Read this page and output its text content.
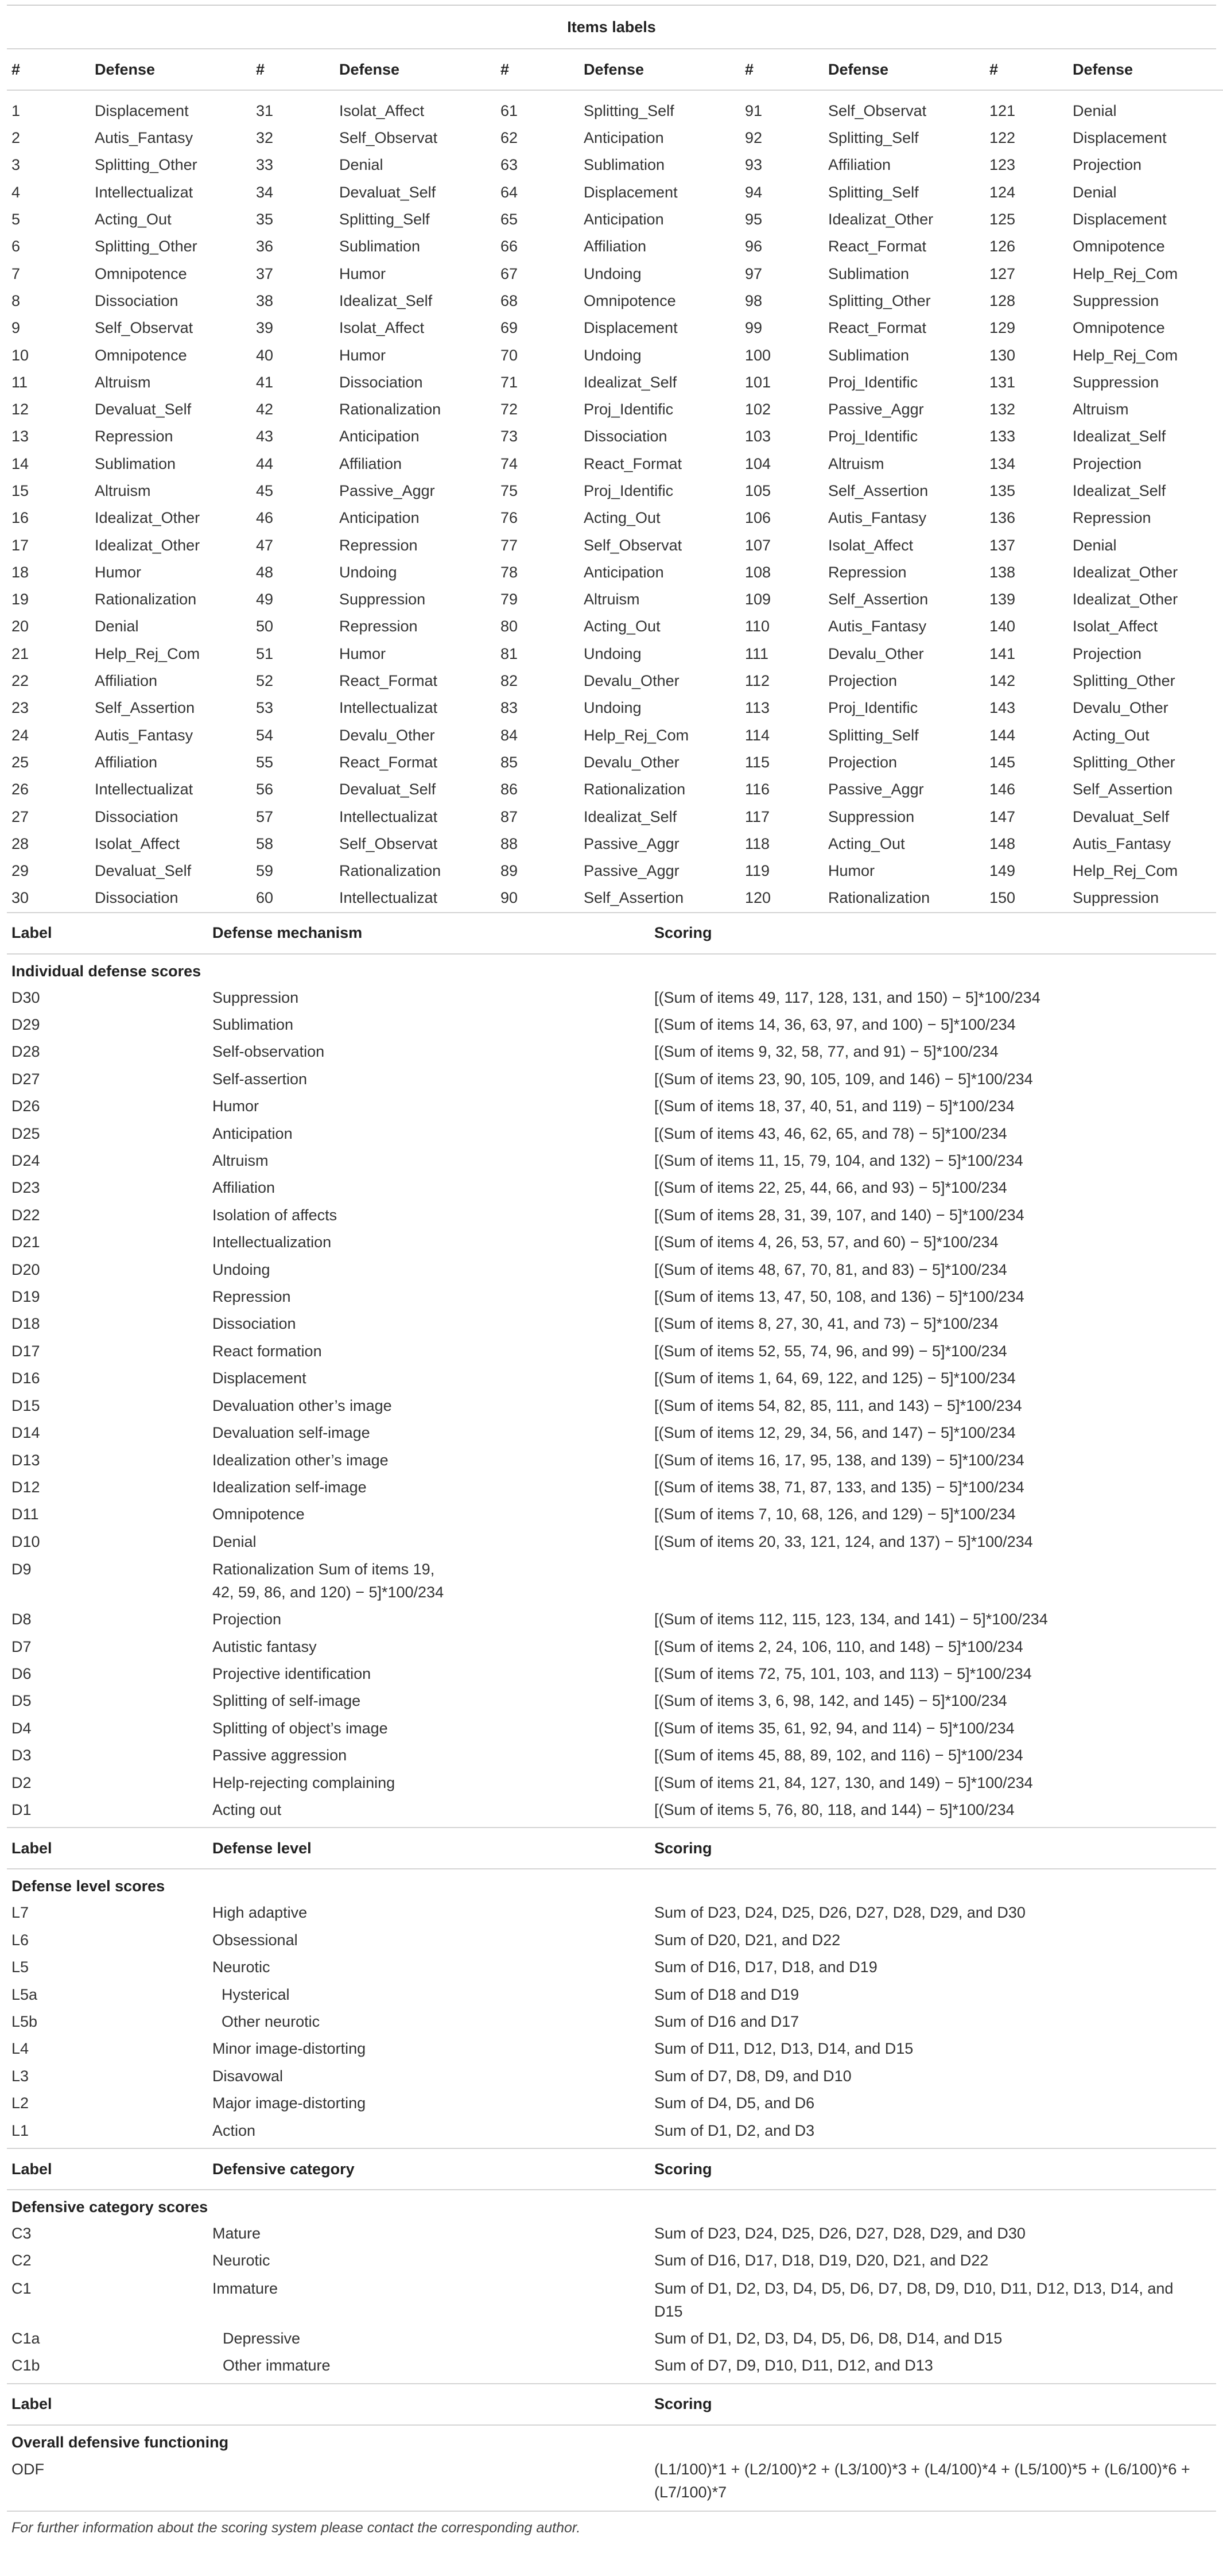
Items labels
#	Defense	#	Defense	#	Defense	#	Defense	#	Defense
1	Displacement	31	Isolat_Affect	61	Splitting_Self	91	Self_Observat	121	Denial
2	Autis_Fantasy	32	Self_Observat	62	Anticipation	92	Splitting_Self	122	Displacement
3	Splitting_Other	33	Denial	63	Sublimation	93	Affiliation	123	Projection
4	Intellectualizat	34	Devaluat_Self	64	Displacement	94	Splitting_Self	124	Denial
5	Acting_Out	35	Splitting_Self	65	Anticipation	95	Idealizat_Other	125	Displacement
6	Splitting_Other	36	Sublimation	66	Affiliation	96	React_Format	126	Omnipotence
7	Omnipotence	37	Humor	67	Undoing	97	Sublimation	127	Help_Rej_Com
8	Dissociation	38	Idealizat_Self	68	Omnipotence	98	Splitting_Other	128	Suppression
9	Self_Observat	39	Isolat_Affect	69	Displacement	99	React_Format	129	Omnipotence
10	Omnipotence	40	Humor	70	Undoing	100	Sublimation	130	Help_Rej_Com
11	Altruism	41	Dissociation	71	Idealizat_Self	101	Proj_Identific	131	Suppression
12	Devaluat_Self	42	Rationalization	72	Proj_Identific	102	Passive_Aggr	132	Altruism
13	Repression	43	Anticipation	73	Dissociation	103	Proj_Identific	133	Idealizat_Self
14	Sublimation	44	Affiliation	74	React_Format	104	Altruism	134	Projection
15	Altruism	45	Passive_Aggr	75	Proj_Identific	105	Self_Assertion	135	Idealizat_Self
16	Idealizat_Other	46	Anticipation	76	Acting_Out	106	Autis_Fantasy	136	Repression
17	Idealizat_Other	47	Repression	77	Self_Observat	107	Isolat_Affect	137	Denial
18	Humor	48	Undoing	78	Anticipation	108	Repression	138	Idealizat_Other
19	Rationalization	49	Suppression	79	Altruism	109	Self_Assertion	139	Idealizat_Other
20	Denial	50	Repression	80	Acting_Out	110	Autis_Fantasy	140	Isolat_Affect
21	Help_Rej_Com	51	Humor	81	Undoing	111	Devalu_Other	141	Projection
22	Affiliation	52	React_Format	82	Devalu_Other	112	Projection	142	Splitting_Other
23	Self_Assertion	53	Intellectualizat	83	Undoing	113	Proj_Identific	143	Devalu_Other
24	Autis_Fantasy	54	Devalu_Other	84	Help_Rej_Com	114	Splitting_Self	144	Acting_Out
25	Affiliation	55	React_Format	85	Devalu_Other	115	Projection	145	Splitting_Other
26	Intellectualizat	56	Devaluat_Self	86	Rationalization	116	Passive_Aggr	146	Self_Assertion
27	Dissociation	57	Intellectualizat	87	Idealizat_Self	117	Suppression	147	Devaluat_Self
28	Isolat_Affect	58	Self_Observat	88	Passive_Aggr	118	Acting_Out	148	Autis_Fantasy
29	Devaluat_Self	59	Rationalization	89	Passive_Aggr	119	Humor	149	Help_Rej_Com
30	Dissociation	60	Intellectualizat	90	Self_Assertion	120	Rationalization	150	Suppression
Label	Defense mechanism	Scoring
Individual defense scores
D30	Suppression	[(Sum of items 49, 117, 128, 131, and 150) − 5]*100/234
D29	Sublimation	[(Sum of items 14, 36, 63, 97, and 100) − 5]*100/234
D28	Self-observation	[(Sum of items 9, 32, 58, 77, and 91) − 5]*100/234
D27	Self-assertion	[(Sum of items 23, 90, 105, 109, and 146) − 5]*100/234
D26	Humor	[(Sum of items 18, 37, 40, 51, and 119) − 5]*100/234
D25	Anticipation	[(Sum of items 43, 46, 62, 65, and 78) − 5]*100/234
D24	Altruism	[(Sum of items 11, 15, 79, 104, and 132) − 5]*100/234
D23	Affiliation	[(Sum of items 22, 25, 44, 66, and 93) − 5]*100/234
D22	Isolation of affects	[(Sum of items 28, 31, 39, 107, and 140) − 5]*100/234
D21	Intellectualization	[(Sum of items 4, 26, 53, 57, and 60) − 5]*100/234
D20	Undoing	[(Sum of items 48, 67, 70, 81, and 83) − 5]*100/234
D19	Repression	[(Sum of items 13, 47, 50, 108, and 136) − 5]*100/234
D18	Dissociation	[(Sum of items 8, 27, 30, 41, and 73) − 5]*100/234
D17	React formation	[(Sum of items 52, 55, 74, 96, and 99) − 5]*100/234
D16	Displacement	[(Sum of items 1, 64, 69, 122, and 125) − 5]*100/234
D15	Devaluation other’s image	[(Sum of items 54, 82, 85, 111, and 143) − 5]*100/234
D14	Devaluation self-image	[(Sum of items 12, 29, 34, 56, and 147) − 5]*100/234
D13	Idealization other’s image	[(Sum of items 16, 17, 95, 138, and 139) − 5]*100/234
D12	Idealization self-image	[(Sum of items 38, 71, 87, 133, and 135) − 5]*100/234
D11	Omnipotence	[(Sum of items 7, 10, 68, 126, and 129) − 5]*100/234
D10	Denial	[(Sum of items 20, 33, 121, 124, and 137) − 5]*100/234
D9	Rationalization Sum of items 19, 42, 59, 86, and 120) − 5]*100/234
D8	Projection	[(Sum of items 112, 115, 123, 134, and 141) − 5]*100/234
D7	Autistic fantasy	[(Sum of items 2, 24, 106, 110, and 148) − 5]*100/234
D6	Projective identification	[(Sum of items 72, 75, 101, 103, and 113) − 5]*100/234
D5	Splitting of self-image	[(Sum of items 3, 6, 98, 142, and 145) − 5]*100/234
D4	Splitting of object’s image	[(Sum of items 35, 61, 92, 94, and 114) − 5]*100/234
D3	Passive aggression	[(Sum of items 45, 88, 89, 102, and 116) − 5]*100/234
D2	Help-rejecting complaining	[(Sum of items 21, 84, 127, 130, and 149) − 5]*100/234
D1	Acting out	[(Sum of items 5, 76, 80, 118, and 144) − 5]*100/234
Label	Defense level	Scoring
Defense level scores
L7	High adaptive	Sum of D23, D24, D25, D26, D27, D28, D29, and D30
L6	Obsessional	Sum of D20, D21, and D22
L5	Neurotic	Sum of D16, D17, D18, and D19
L5a	Hysterical	Sum of D18 and D19
L5b	Other neurotic	Sum of D16 and D17
L4	Minor image-distorting	Sum of D11, D12, D13, D14, and D15
L3	Disavowal	Sum of D7, D8, D9, and D10
L2	Major image-distorting	Sum of D4, D5, and D6
L1	Action	Sum of D1, D2, and D3
Label	Defensive category	Scoring
Defensive category scores
C3	Mature	Sum of D23, D24, D25, D26, D27, D28, D29, and D30
C2	Neurotic	Sum of D16, D17, D18, D19, D20, D21, and D22
C1	Immature	Sum of D1, D2, D3, D4, D5, D6, D7, D8, D9, D10, D11, D12, D13, D14, and D15
C1a	Depressive	Sum of D1, D2, D3, D4, D5, D6, D8, D14, and D15
C1b	Other immature	Sum of D7, D9, D10, D11, D12, and D13
Label	Scoring
Overall defensive functioning
ODF	(L1/100)*1 + (L2/100)*2 + (L3/100)*3 + (L4/100)*4 + (L5/100)*5 + (L6/100)*6 + (L7/100)*7
For further information about the scoring system please contact the corresponding author.
